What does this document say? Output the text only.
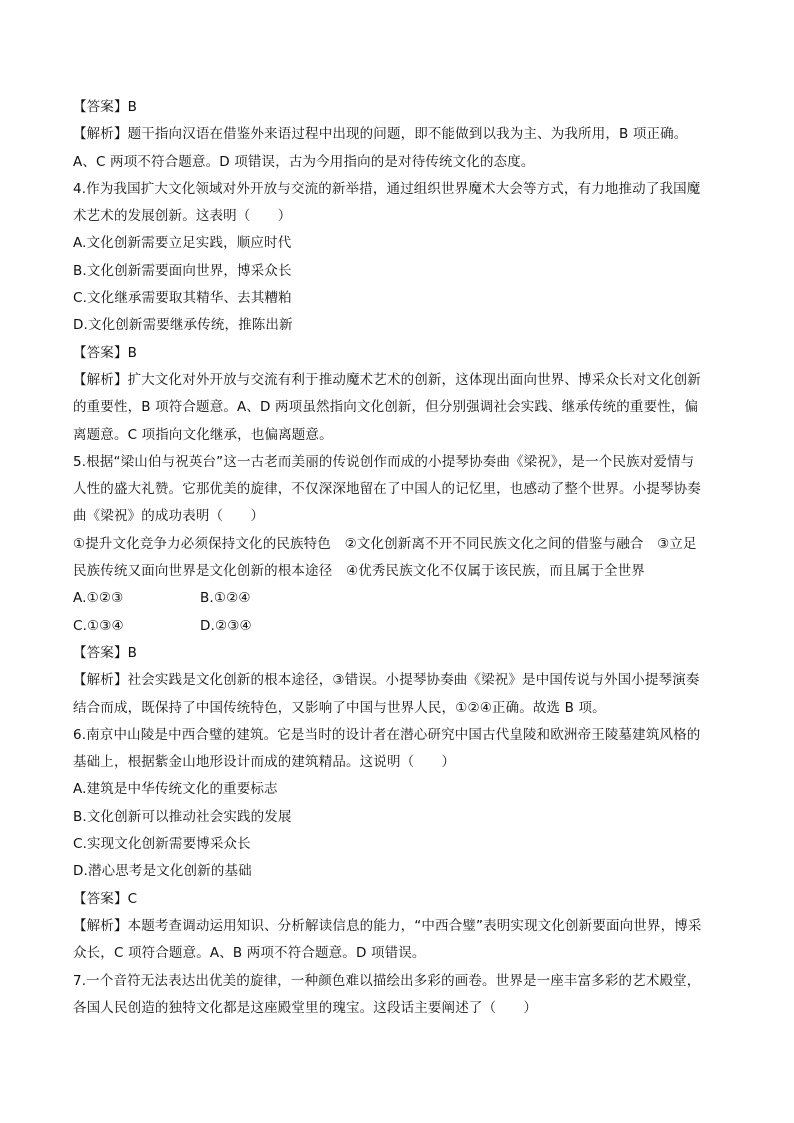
【答案】B
【解析】题干指向汉语在借鉴外来语过程中出现的问题，即不能做到以我为主、为我所用，B 项正确。
A、C 两项不符合题意。D 项错误，古为今用指向的是对待传统文化的态度。
4.作为我国扩大文化领域对外开放与交流的新举措，通过组织世界魔术大会等方式，有力地推动了我国魔
术艺术的发展创新。这表明（　　）
A.文化创新需要立足实践，顺应时代
B.文化创新需要面向世界，博采众长
C.文化继承需要取其精华、去其糟粕
D.文化创新需要继承传统，推陈出新
【答案】B
【解析】扩大文化对外开放与交流有利于推动魔术艺术的创新，这体现出面向世界、博采众长对文化创新
的重要性，B 项符合题意。A、D 两项虽然指向文化创新，但分别强调社会实践、继承传统的重要性，偏
离题意。C 项指向文化继承，也偏离题意。
5.根据“梁山伯与祝英台”这一古老而美丽的传说创作而成的小提琴协奏曲《梁祝》，是一个民族对爱情与
人性的盛大礼赞。它那优美的旋律，不仅深深地留在了中国人的记忆里，也感动了整个世界。小提琴协奏
曲《梁祝》的成功表明（　　）
①提升文化竞争力必须保持文化的民族特色　②文化创新离不开不同民族文化之间的借鉴与融合　③立足
民族传统又面向世界是文化创新的根本途径　④优秀民族文化不仅属于该民族，而且属于全世界
A.①②③	B.①②④
C.①③④	D.②③④
【答案】B
【解析】社会实践是文化创新的根本途径，③错误。小提琴协奏曲《梁祝》是中国传说与外国小提琴演奏
结合而成，既保持了中国传统特色，又影响了中国与世界人民，①②④正确。故选 B 项。
6.南京中山陵是中西合璧的建筑。它是当时的设计者在潜心研究中国古代皇陵和欧洲帝王陵墓建筑风格的
基础上，根据紫金山地形设计而成的建筑精品。这说明（　　）
A.建筑是中华传统文化的重要标志
B.文化创新可以推动社会实践的发展
C.实现文化创新需要博采众长
D.潜心思考是文化创新的基础
【答案】C
【解析】本题考查调动运用知识、分析解读信息的能力，“中西合璧”表明实现文化创新要面向世界，博采
众长，C 项符合题意。A、B 两项不符合题意。D 项错误。
7.一个音符无法表达出优美的旋律，一种颜色难以描绘出多彩的画卷。世界是一座丰富多彩的艺术殿堂，
各国人民创造的独特文化都是这座殿堂里的瑰宝。这段话主要阐述了（　　）
